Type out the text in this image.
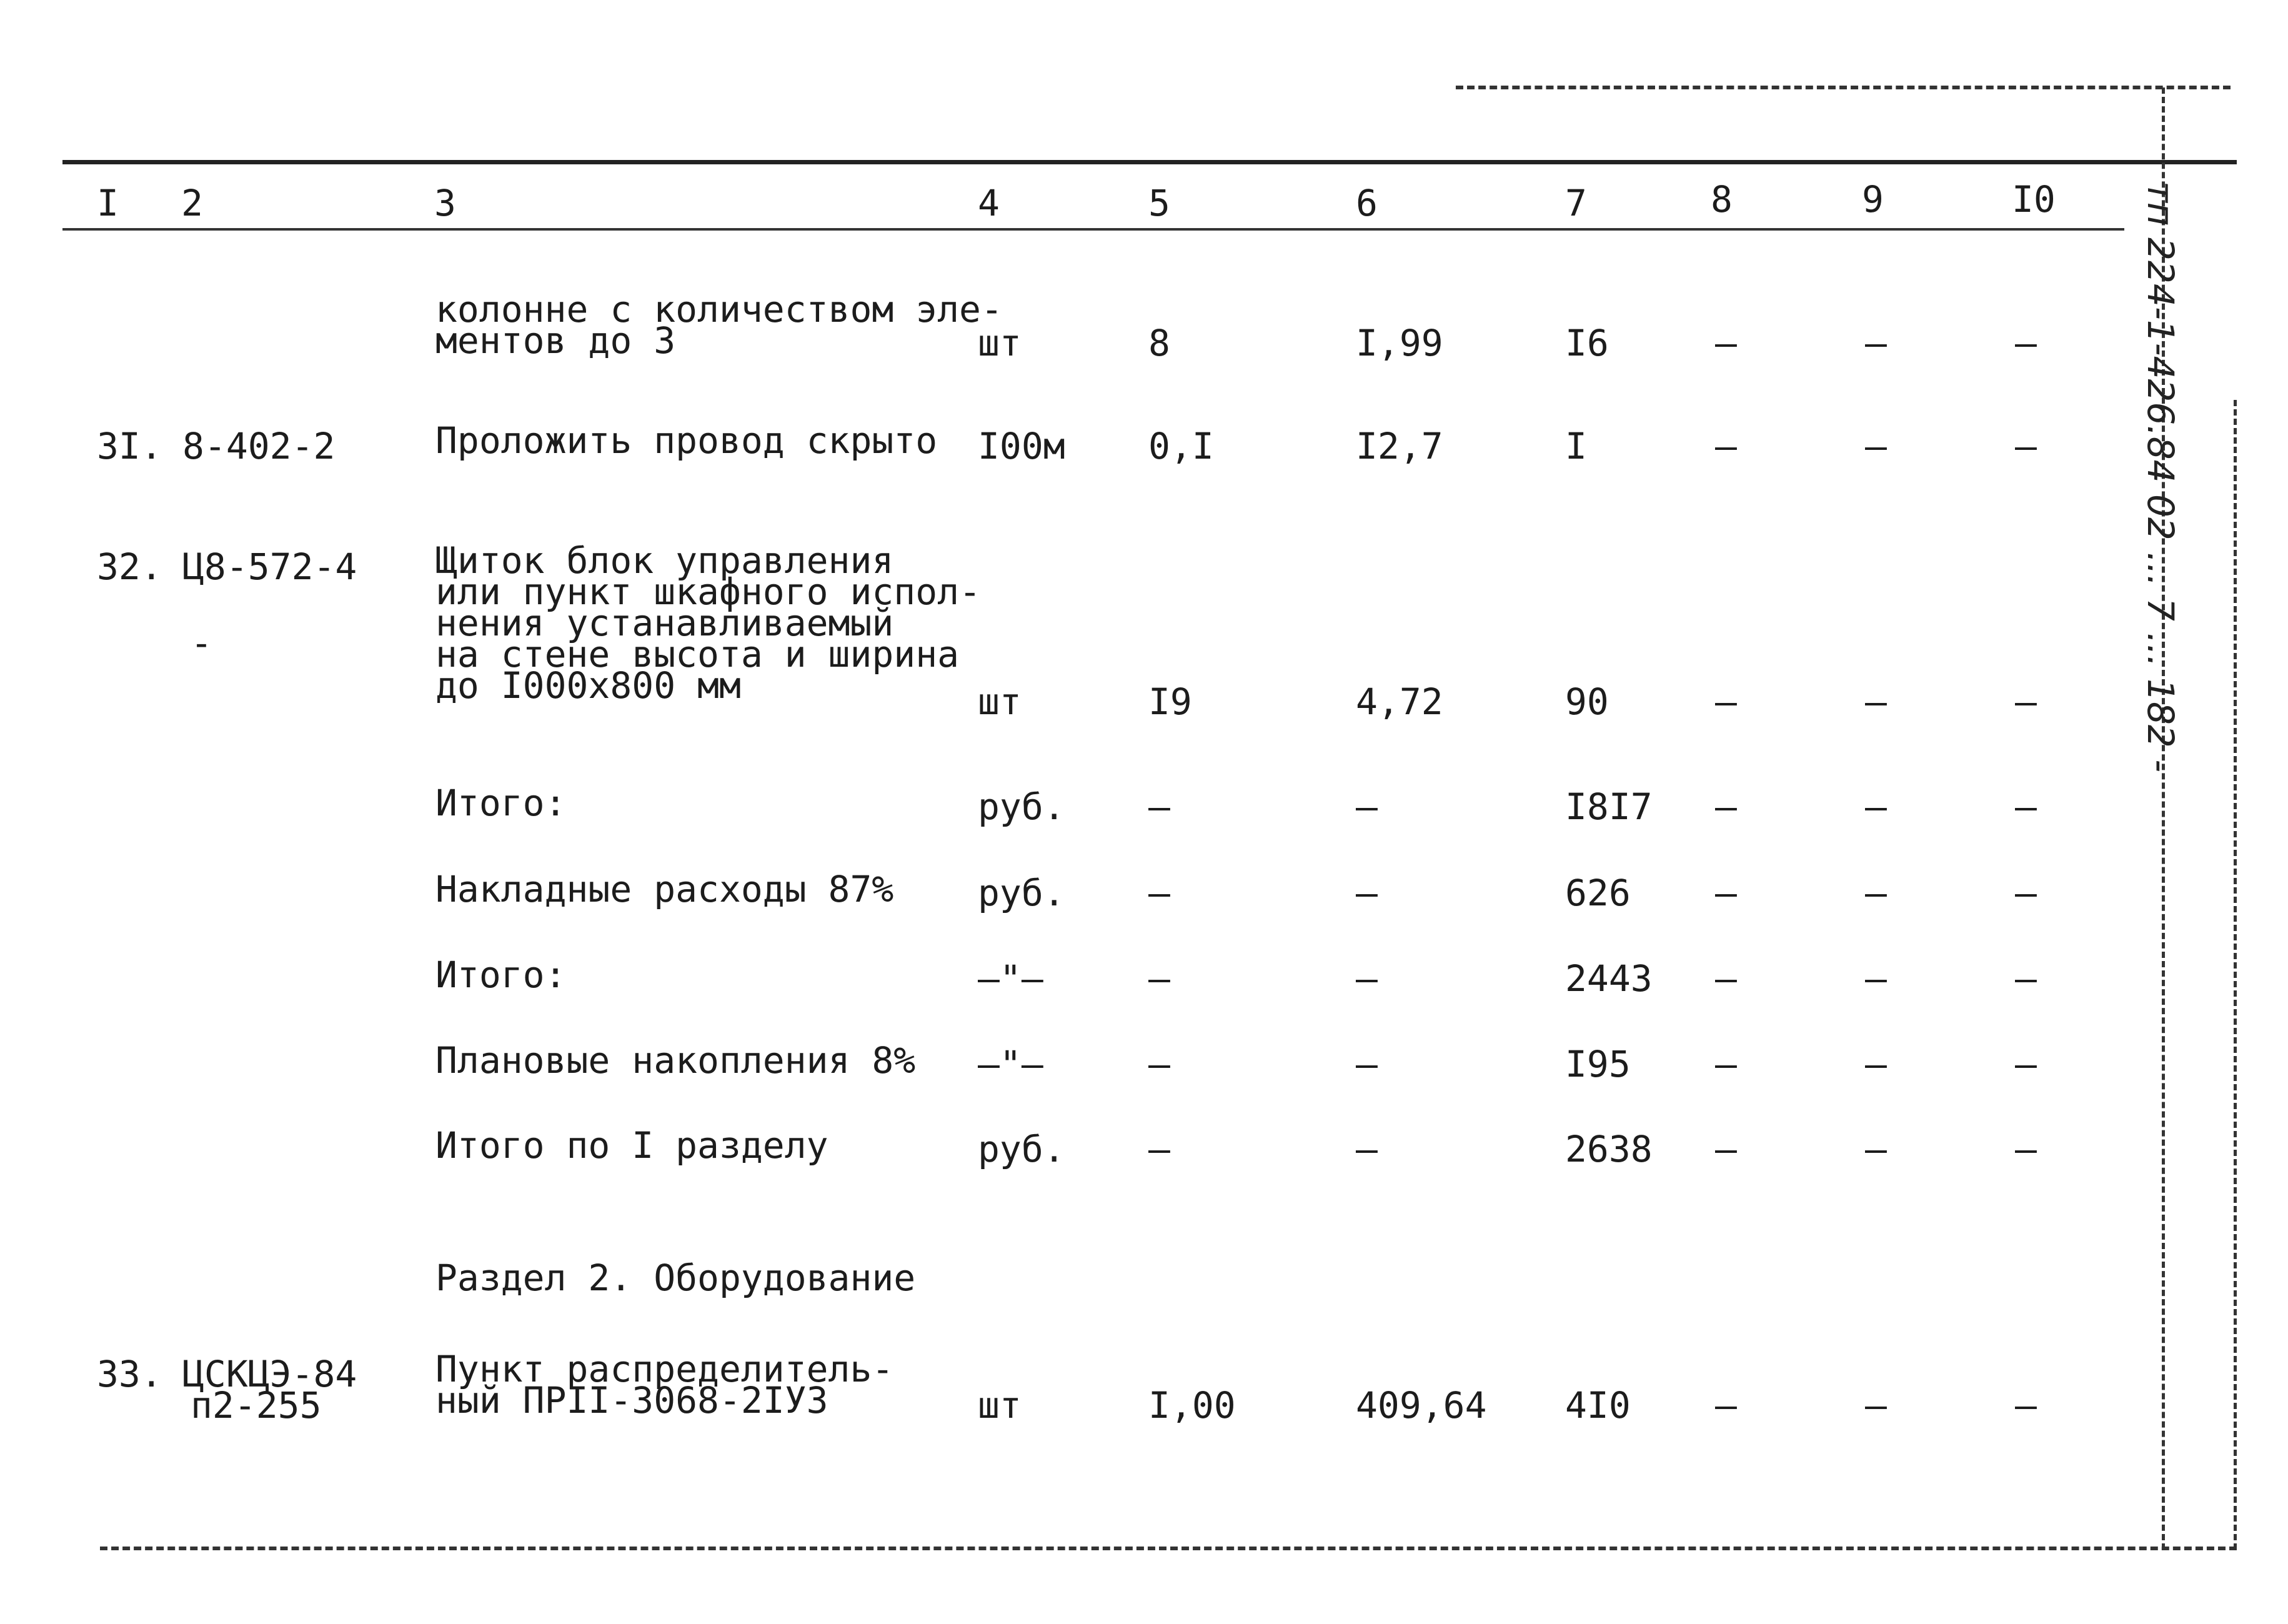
тп 224-1-426.84 02 ... 7 ... 182 -
I 2	3	4	5	6	7	8	9	I0
колонне с количеством эле-
ментов до 3	шт	8	I,99	I6	–	–	–
3I. 8-402-2	Проложить провод скрыто I00м 0,I	I2,7	I	–	–	–
32. Ц8-572-4
-
Щиток блок управления
или пункт шкафного испол-
нения устанавливаемый
на стене высота и ширина
до I000x800 мм	шт	I9	4,72	90	–	–	–
Итого:	руб. –	–	I8I7 –	–	–
Накладные расходы 87% руб. –	–	626 –	–	–
Итого:	–"–	–	–	2443 –	–	–
Плановые накопления 8% –"–	–	–	I95 –	–	–
Итого по I разделу	руб. –	–	2638 –	–	–
Раздел 2. Оборудование
33. ЦСКЦЭ-84
п2-255
Пункт распределитель-
ный ПРII-3068-2IУ3	шт	I,00	409,64 4I0 –	–	–
